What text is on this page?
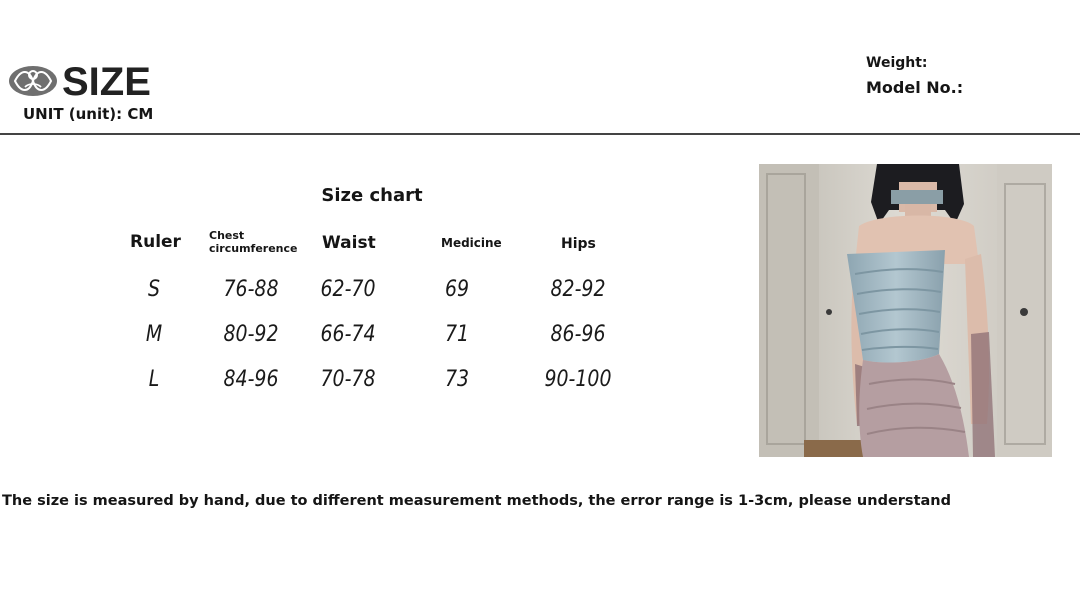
SIZE
UNIT (unit): CM
Weight:
Model No.:
Size chart
Ruler	Chest circumference	Waist	Medicine	Hips
S	76-88	62-70	69	82-92
M	80-92	66-74	71	86-96
L	84-96	70-78	73	90-100
The size is measured by hand, due to different measurement methods, the error range is 1-3cm, please understand
